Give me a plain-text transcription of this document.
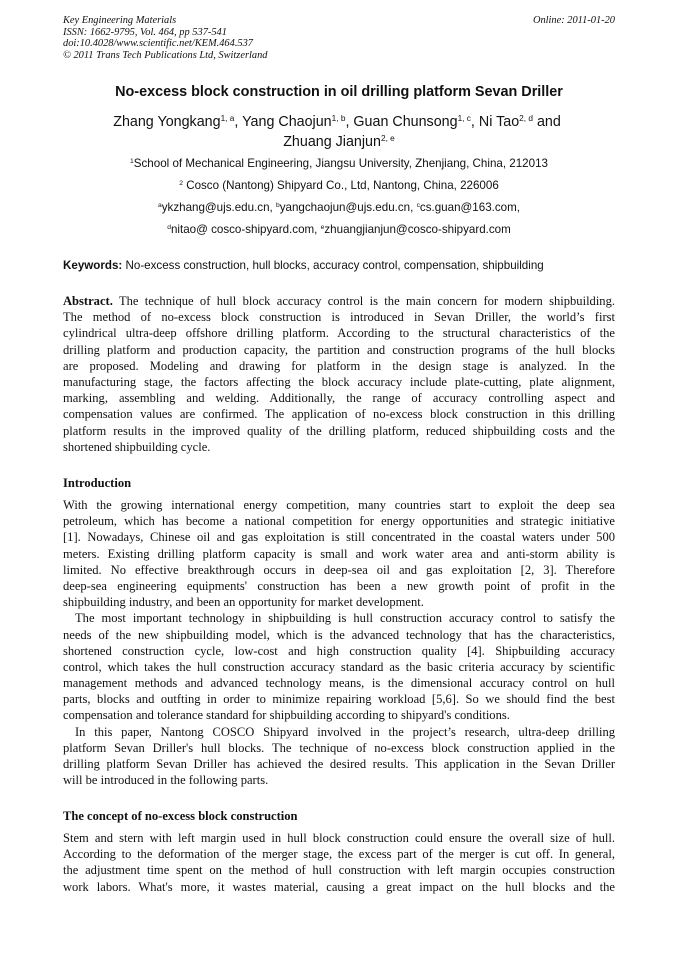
Key Engineering Materials
ISSN: 1662-9795, Vol. 464, pp 537-541
doi:10.4028/www.scientific.net/KEM.464.537
© 2011 Trans Tech Publications Ltd, Switzerland
Online: 2011-01-20
No-excess block construction in oil drilling platform Sevan Driller
Zhang Yongkang$^{1, a}$, Yang Chaojun$^{1, b}$, Guan Chunsong$^{1, c}$, Ni Tao$^{2, d}$ and
Zhuang Jianjun$^{2, e}$
$^1$School of Mechanical Engineering, Jiangsu University, Zhenjiang, China, 212013
$^2$ Cosco (Nantong) Shipyard Co., Ltd, Nantong, China, 226006
$^a$ykzhang@ujs.edu.cn, $^b$yangchaojun@ujs.edu.cn, $^c$cs.guan@163.com,
$^d$nitao@ cosco-shipyard.com, $^e$zhuangjianjun@cosco-shipyard.com
Keywords: No-excess construction, hull blocks, accuracy control, compensation, shipbuilding
Abstract. The technique of hull block accuracy control is the main concern for modern shipbuilding.
The method of no-excess block construction is introduced in Sevan Driller, the world’s first
cylindrical ultra-deep offshore drilling platform. According to the structural characteristics of the
drilling platform and production capacity, the partition and construction programs of the hull blocks
are proposed. Modeling and drawing for platform in the design stage is analyzed. In the
manufacturing stage, the factors affecting the block accuracy include plate-cutting, plate alignment,
marking, assembling and welding. Additionally, the range of accuracy controlling aspect and
compensation values are confirmed. The application of no-excess block construction in this drilling
platform results in the improved quality of the drilling platform, reduced shipbuilding costs and the
shortened shipbuilding cycle.
Introduction
With the growing international energy competition, many countries start to exploit the deep sea
petroleum, which has become a national competition for energy opportunities and strategic initiative
[1]. Nowadays, Chinese oil and gas exploitation is still concentrated in the coastal waters under 500
meters. Existing drilling platform capacity is small and work water area and anti-storm ability is
limited. No effective breakthrough occurs in deep-sea oil and gas exploitation [2, 3]. Therefore
deep-sea engineering equipments' construction has been a new growth point of profit in the
shipbuilding industry, and been an opportunity for market development.
The most important technology in shipbuilding is hull construction accuracy control to satisfy the
needs of the new shipbuilding model, which is the advanced technology that has the characteristics,
shortened construction cycle, low-cost and high construction quality [4]. Shipbuilding accuracy
control, which takes the hull construction accuracy standard as the basic criteria accuracy by scientific
management methods and advanced technology means, is the dimensional accuracy control on hull
parts, blocks and outfting in order to minimize repairing workload [5,6]. So we should find the best
compensation and tolerance standard for shipbuilding according to shipyard's conditions.
In this paper, Nantong COSCO Shipyard involved in the project’s research, ultra-deep drilling
platform Sevan Driller's hull blocks. The technique of no-excess block construction applied in the
drilling platform Sevan Driller has achieved the desired results. This application in the Sevan Driller
will be introduced in the following parts.
The concept of no-excess block construction
Stem and stern with left margin used in hull block construction could ensure the overall size of hull.
According to the deformation of the merger stage, the excess part of the merger is cut off. In general,
the adjustment time spent on the method of hull construction with left margin occupies construction
work labors. What's more, it wastes material, causing a great impact on the hull blocks and the
